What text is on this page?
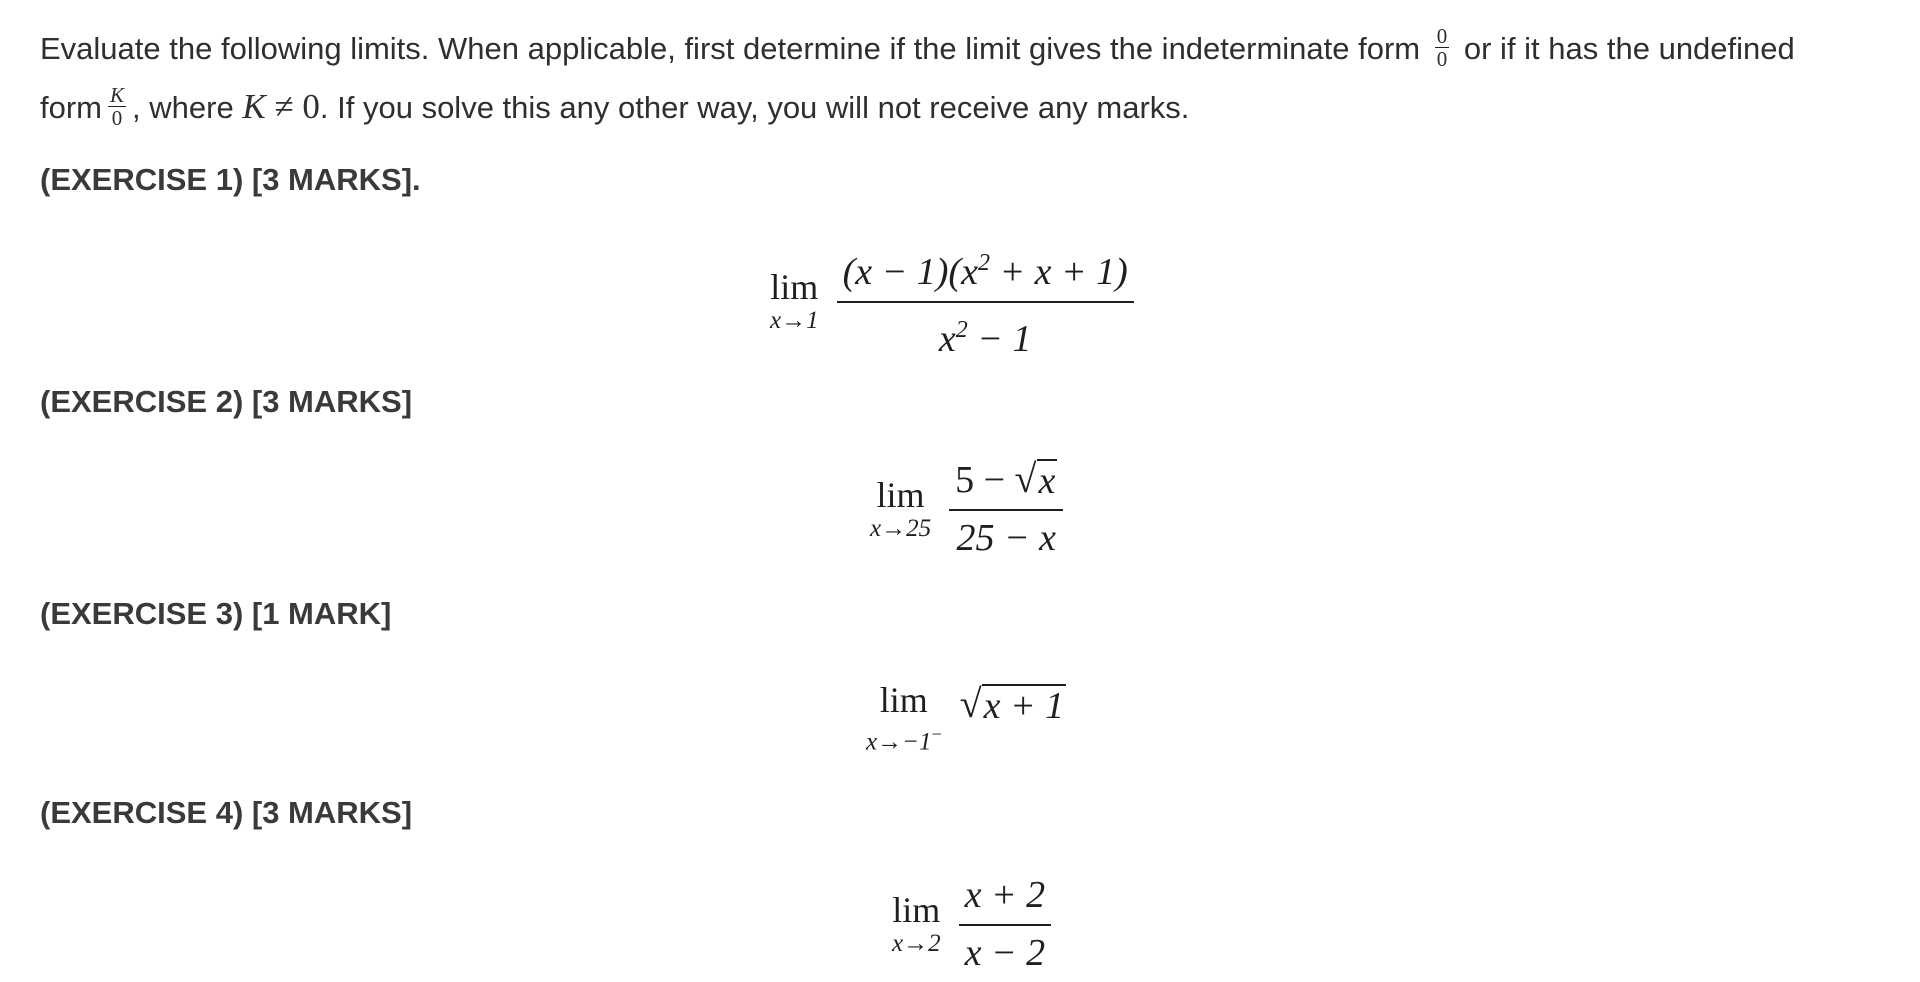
Evaluate the following limits. When applicable, first determine if the limit gives the indeterminate form $\frac{0}{0}$ or if it has the undefined
form $\frac{K}{0}$ , where K ≠ 0. If you solve this any other way, you will not receive any marks.
(EXERCISE 1) [3 MARKS].
lim
$x\to 1 \frac{(x - 1)(x^2 + x + 1)}{x^2 - 1}$
(EXERCISE 2) [3 MARKS]
lim
$x\to 25 \frac{5 - √ x}{25 - x}$
(EXERCISE 3) [1 MARK]
lim
x→−1−
√ x + 1
(EXERCISE 4) [3 MARKS]
lim
$x\to 2 \frac{x + 2}{x - 2}$
